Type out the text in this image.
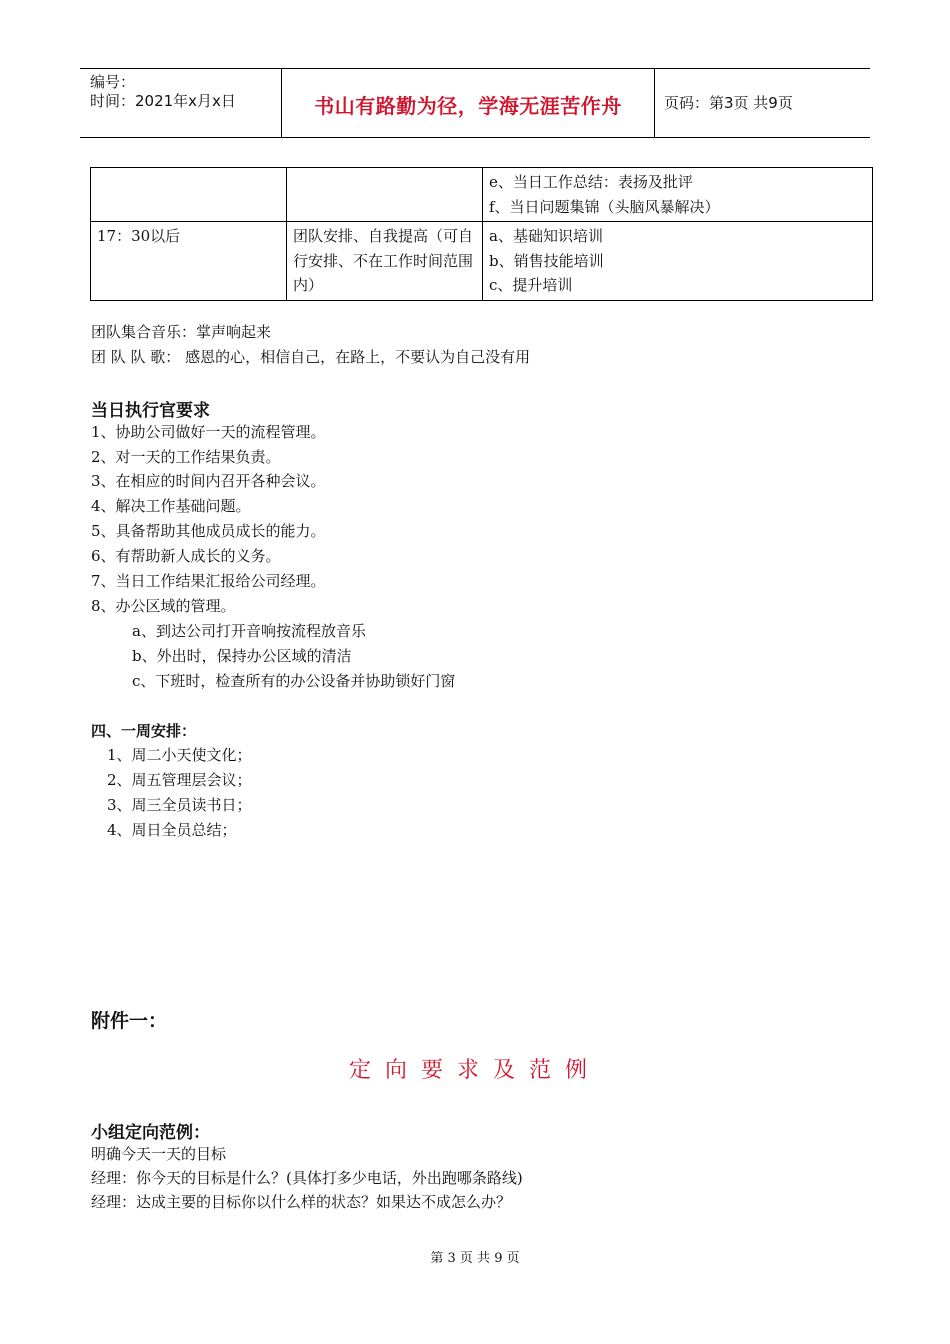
编号：
时间：2021年x月x日	书山有路勤为径，学海无涯苦作舟	页码：第3页 共9页

		e、当日工作总结：表扬及批评
f、当日问题集锦（头脑风暴解决）

17：30以后	团队安排、自我提高（可自行安排、不在工作时间范围内）	a、基础知识培训
b、销售技能培训
c、提升培训
团队集合音乐：掌声响起来
团 队 队 歌： 感恩的心，相信自己，在路上，不要认为自己没有用
当日执行官要求
1、协助公司做好一天的流程管理。
2、对一天的工作结果负责。
3、在相应的时间内召开各种会议。
4、解决工作基础问题。
5、具备帮助其他成员成长的能力。
6、有帮助新人成长的义务。
7、当日工作结果汇报给公司经理。
8、办公区域的管理。
a、到达公司打开音响按流程放音乐
b、外出时，保持办公区域的清洁
c、下班时，检查所有的办公设备并协助锁好门窗
四、一周安排：
1、周二小天使文化；
2、周五管理层会议；
3、周三全员读书日；
4、周日全员总结；
附件一：
定向要求及范例
小组定向范例：
明确今天一天的目标
经理：你今天的目标是什么？(具体打多少电话，外出跑哪条路线)
经理：达成主要的目标你以什么样的状态？如果达不成怎么办？
第 3 页 共 9 页
